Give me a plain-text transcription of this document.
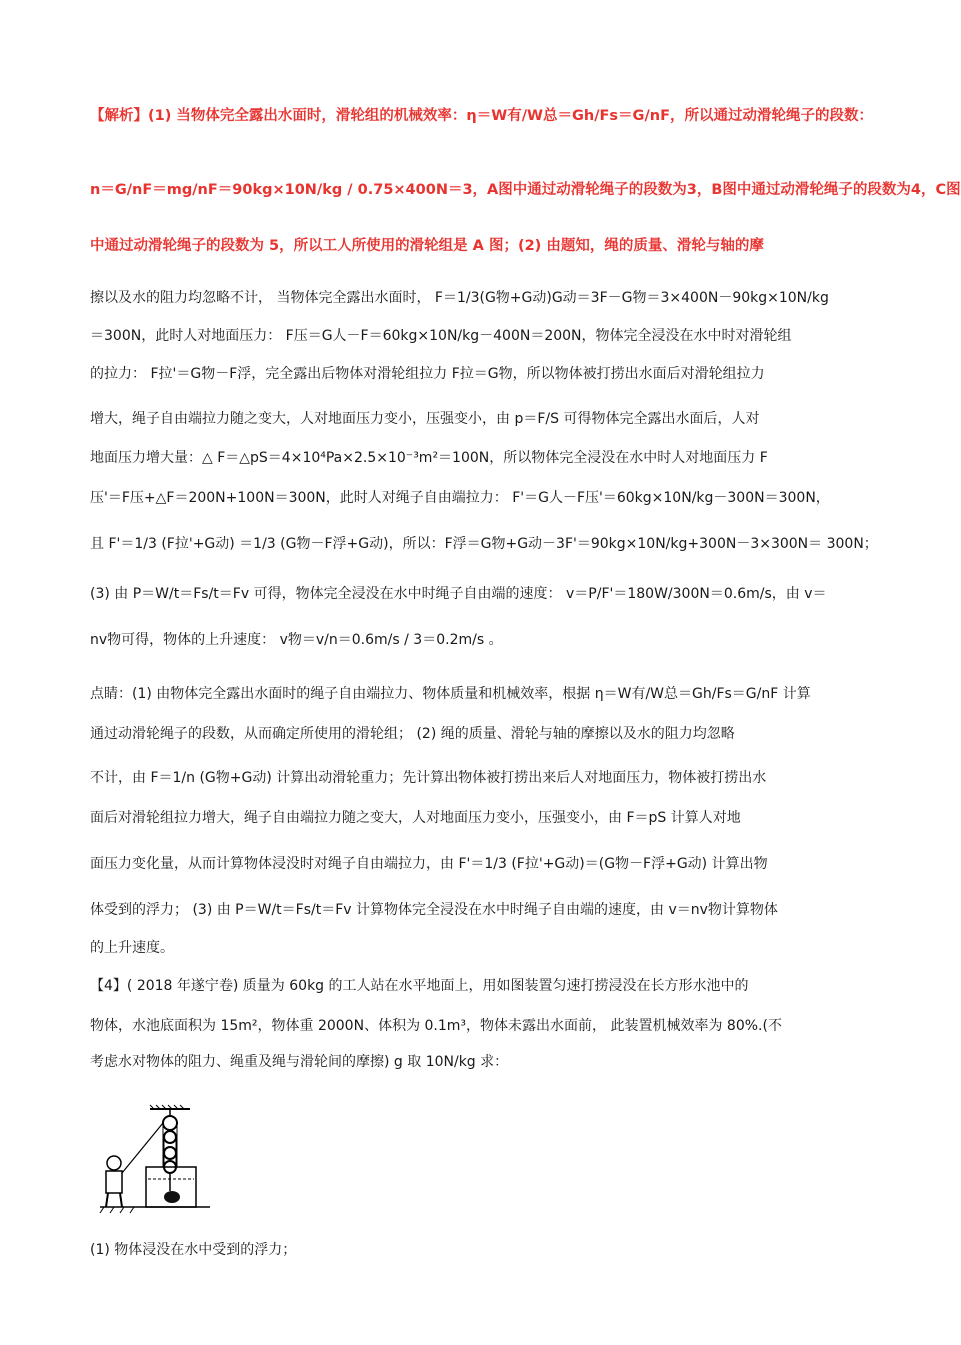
【解析】(1) 当物体完全露出水面时，滑轮组的机械效率：η＝W有/W总＝Gh/Fs＝G/nF，所以通过动滑轮绳子的段数：
n＝G/nF＝mg/nF＝90kg×10N/kg / 0.75×400N＝3，A图中通过动滑轮绳子的段数为3，B图中通过动滑轮绳子的段数为4，C图
中通过动滑轮绳子的段数为 5，所以工人所使用的滑轮组是 A 图；(2) 由题知，绳的质量、滑轮与轴的摩
擦以及水的阻力均忽略不计， 当物体完全露出水面时， F＝1/3(G物+G动)G动＝3F－G物＝3×400N－90kg×10N/kg
＝300N，此时人对地面压力： F压＝G人－F＝60kg×10N/kg－400N＝200N，物体完全浸没在水中时对滑轮组
的拉力： F拉'＝G物－F浮，完全露出后物体对滑轮组拉力 F拉＝G物，所以物体被打捞出水面后对滑轮组拉力
增大，绳子自由端拉力随之变大，人对地面压力变小，压强变小，由 p＝F/S 可得物体完全露出水面后，人对
地面压力增大量：△ F＝△pS＝4×10⁴Pa×2.5×10⁻³m²＝100N，所以物体完全浸没在水中时人对地面压力 F
压'＝F压+△F＝200N+100N＝300N，此时人对绳子自由端拉力： F'＝G人－F压'＝60kg×10N/kg－300N＝300N，
且 F'＝1/3 (F拉'+G动) ＝1/3 (G物－F浮+G动)，所以：F浮＝G物+G动－3F'＝90kg×10N/kg+300N－3×300N＝ 300N；
(3) 由 P＝W/t＝Fs/t＝Fv 可得，物体完全浸没在水中时绳子自由端的速度： v＝P/F'＝180W/300N＝0.6m/s，由 v＝
nv物可得，物体的上升速度： v物＝v/n＝0.6m/s / 3＝0.2m/s 。
点睛：(1) 由物体完全露出水面时的绳子自由端拉力、物体质量和机械效率，根据 η＝W有/W总＝Gh/Fs＝G/nF 计算
通过动滑轮绳子的段数，从而确定所使用的滑轮组； (2) 绳的质量、滑轮与轴的摩擦以及水的阻力均忽略
不计，由 F＝1/n (G物+G动) 计算出动滑轮重力；先计算出物体被打捞出来后人对地面压力，物体被打捞出水
面后对滑轮组拉力增大，绳子自由端拉力随之变大，人对地面压力变小，压强变小，由 F＝pS 计算人对地
面压力变化量，从而计算物体浸没时对绳子自由端拉力，由 F'＝1/3 (F拉'+G动)＝(G物－F浮+G动) 计算出物
体受到的浮力； (3) 由 P＝W/t＝Fs/t＝Fv 计算物体完全浸没在水中时绳子自由端的速度，由 v＝nv物计算物体
的上升速度。
【4】( 2018 年遂宁卷) 质量为 60kg 的工人站在水平地面上，用如图装置匀速打捞浸没在长方形水池中的
物体，水池底面积为 15m²，物体重 2000N、体积为 0.1m³，物体未露出水面前， 此装置机械效率为 80%.(不
考虑水对物体的阻力、绳重及绳与滑轮间的摩擦) g 取 10N/kg 求：
(1) 物体浸没在水中受到的浮力；
